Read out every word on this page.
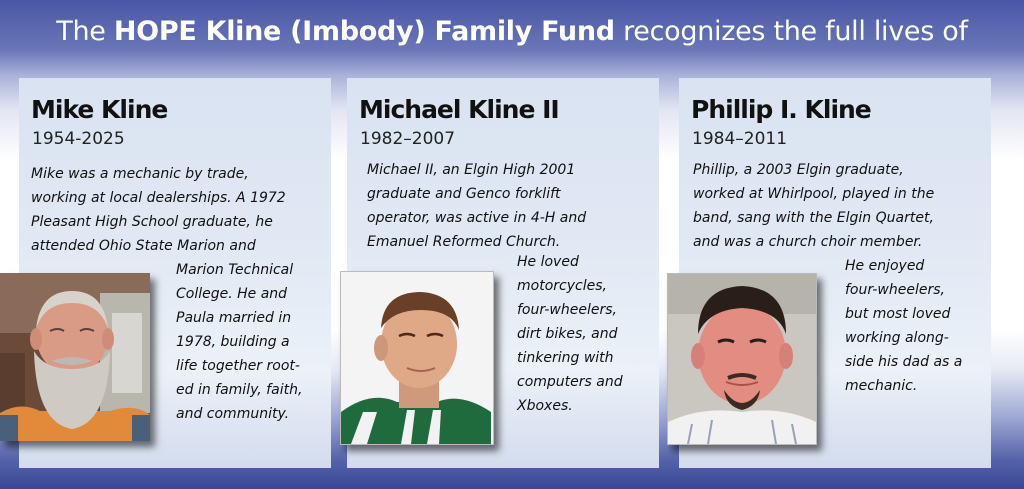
The HOPE Kline (Imbody) Family Fund recognizes the full lives of
Mike Kline
1954-2025

Mike was a mechanic by trade,
working at local dealerships. A 1972
Pleasant High School graduate, he
attended Ohio State Marion and

Marion Technical
College. He and
Paula married in
1978, building a
life together root-
ed in family, faith,
and community.

Michael Kline II
1982–2007

Michael II, an Elgin High 2001
graduate and Genco forklift
operator, was active in 4-H and
Emanuel Reformed Church.

He loved
motorcycles,
four-wheelers,
dirt bikes, and
tinkering with
computers and
Xboxes.

Phillip I. Kline
1984–2011

Phillip, a 2003 Elgin graduate,
worked at Whirlpool, played in the
band, sang with the Elgin Quartet,
and was a church choir member.

He enjoyed
four-wheelers,
but most loved
working along-
side his dad as a
mechanic.
